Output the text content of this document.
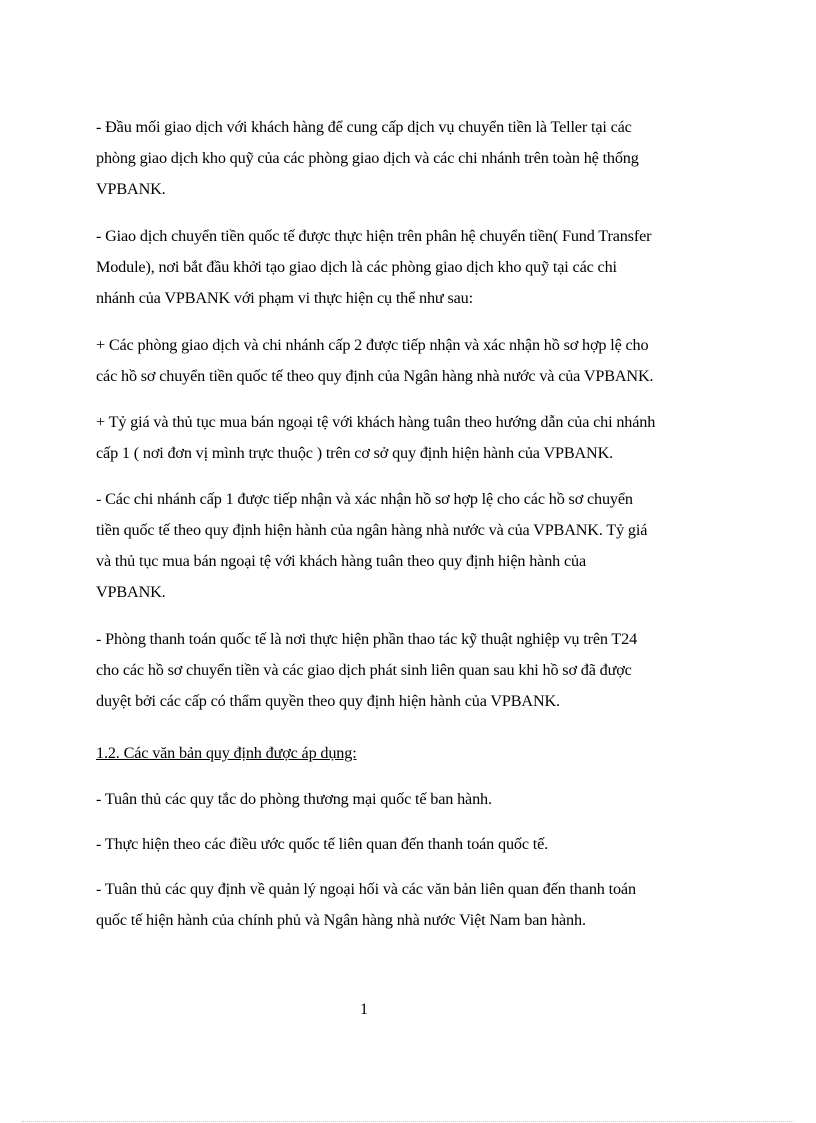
- Đầu mối giao dịch với khách hàng để cung cấp dịch vụ chuyển tiền là Teller tại các
phòng giao dịch kho quỹ của các phòng giao dịch và các chi nhánh trên toàn hệ thống
VPBANK.
- Giao dịch chuyển tiền quốc tế được thực hiện trên phân hệ chuyển tiền( Fund Transfer
Module), nơi bắt đầu khởi tạo giao dịch là các phòng giao dịch kho quỹ tại các chi
nhánh của VPBANK với phạm vi thực hiện cụ thể như sau:
+ Các phòng giao dịch và chi nhánh cấp 2 được tiếp nhận và xác nhận hồ sơ hợp lệ cho
các hồ sơ chuyển tiền quốc tế theo quy định của Ngân hàng nhà nước và của VPBANK.
+ Tỷ giá và thủ tục mua bán ngoại tệ với khách hàng tuân theo hướng dẫn của chi nhánh
cấp 1 ( nơi đơn vị mình trực thuộc ) trên cơ sở quy định hiện hành của VPBANK.
- Các chi nhánh cấp 1 được tiếp nhận và xác nhận hồ sơ hợp lệ cho các hồ sơ chuyển
tiền quốc tế theo quy định hiện hành của ngân hàng nhà nước và của VPBANK. Tỷ giá
và thủ tục mua bán ngoại tệ với khách hàng tuân theo quy định hiện hành của
VPBANK.
- Phòng thanh toán quốc tế là nơi thực hiện phần thao tác kỹ thuật nghiệp vụ trên T24
cho các hồ sơ chuyển tiền và các giao dịch phát sinh liên quan sau khi hồ sơ đã được
duyệt bởi các cấp có thẩm quyền theo quy định hiện hành của VPBANK.
1.2. Các văn bản quy định được áp dụng:
- Tuân thủ các quy tắc do phòng thương mại quốc tế ban hành.
- Thực hiện theo các điều ước quốc tế liên quan đến thanh toán quốc tế.
- Tuân thủ các quy định về quản lý ngoại hối và các văn bản liên quan đến thanh toán
quốc tế hiện hành của chính phủ và Ngân hàng nhà nước Việt Nam ban hành.
1
